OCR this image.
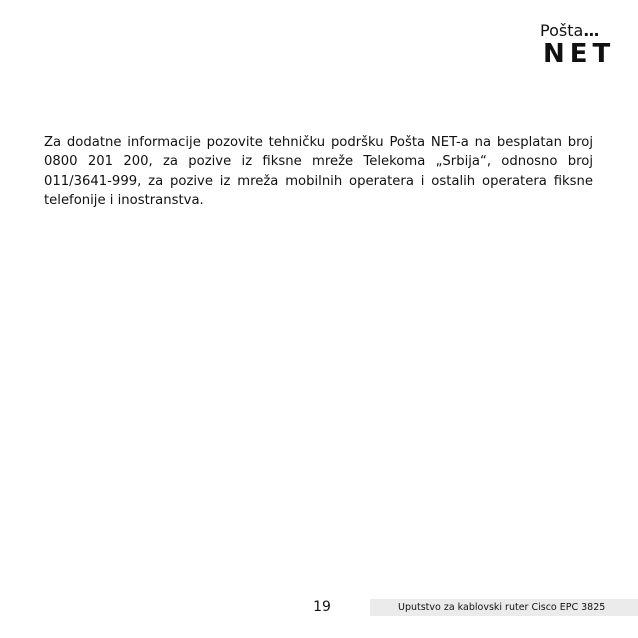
Pošta...
NET

Za dodatne informacije pozovite tehničku podršku Pošta NET-a na besplatan broj 0800 201 200, za pozive iz fiksne mreže Telekoma „Srbija“, odnosno broj 011/3641-999, za pozive iz mreža mobilnih operatera i ostalih operatera fiksne telefonije i inostranstva.

19	Uputstvo za kablovski ruter Cisco EPC 3825
